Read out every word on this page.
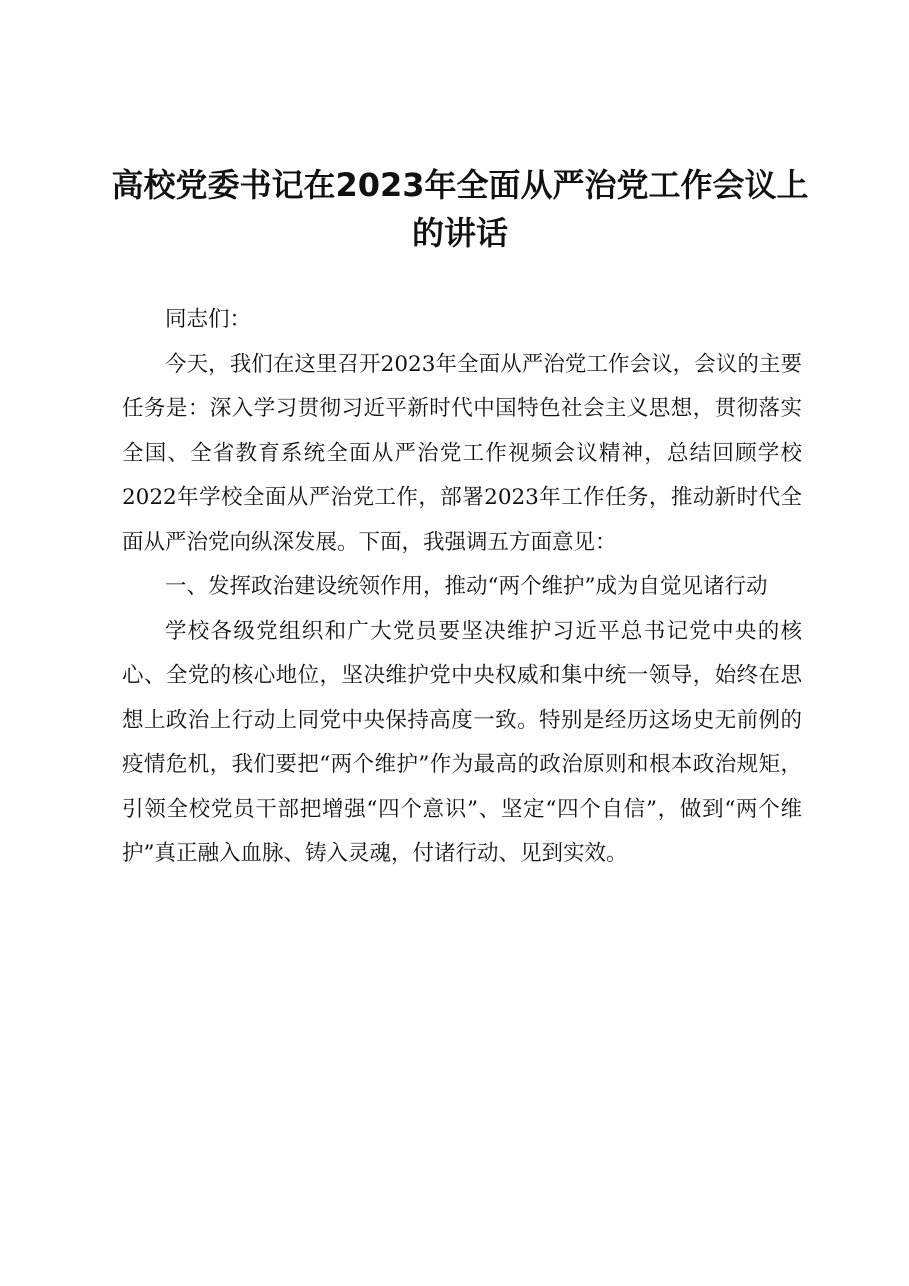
高校党委书记在2023年全面从严治党工作会议上的讲话

同志们：

今天，我们在这里召开2023年全面从严治党工作会议，会议的主要任务是：深入学习贯彻习近平新时代中国特色社会主义思想，贯彻落实全国、全省教育系统全面从严治党工作视频会议精神，总结回顾学校2022年学校全面从严治党工作，部署2023年工作任务，推动新时代全面从严治党向纵深发展。下面，我强调五方面意见：

一、发挥政治建设统领作用，推动“两个维护”成为自觉见诸行动

学校各级党组织和广大党员要坚决维护习近平总书记党中央的核心、全党的核心地位，坚决维护党中央权威和集中统一领导，始终在思想上政治上行动上同党中央保持高度一致。特别是经历这场史无前例的疫情危机，我们要把“两个维护”作为最高的政治原则和根本政治规矩，引领全校党员干部把增强“四个意识”、坚定“四个自信”，做到“两个维护”真正融入血脉、铸入灵魂，付诸行动、见到实效。
